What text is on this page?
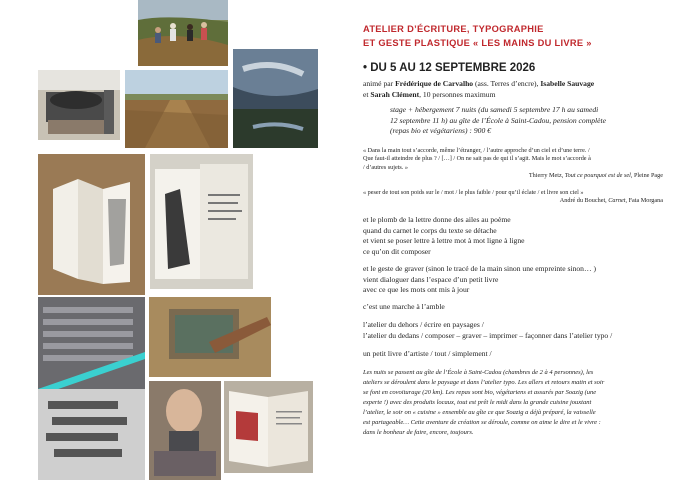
ATELIER D’ÉCRITURE, TYPOGRAPHIE
ET GESTE PLASTIQUE « LES MAINS DU LIVRE »
• DU 5 AU 12 SEPTEMBRE 2026
animé par Frédérique de Carvalho (ass. Terres d’encre), Isabelle Sauvage
et Sarah Clément, 10 personnes maximum
stage + hébergement 7 nuits (du samedi 5 septembre 17 h au samedi
12 septembre 11 h) au gîte de l’École à Saint-Cadou, pension complète
(repas bio et végétariens) : 900 €
« Dans la main tout s’accorde, même l’étranger, / l’autre approche d’un ciel et d’une terre. /
Que faut-il atteindre de plus ? / […] / On ne sait pas de qui il s’agit. Mais le mot s’accorde à
/ d’autres sujets. »
Thierry Metz, Tout ce pourquoi est de sel, Pleine Page
« peser de tout son poids sur le / mot / le plus faible / pour qu’il éclate / et livre son ciel »
André du Bouchet, Carnet, Fata Morgana
et le plomb de la lettre donne des ailes au poème
quand du carnet le corps du texte se détache
et vient se poser lettre à lettre mot à mot ligne à ligne
ce qu’on dit composer
et le geste de graver (sinon le tracé de la main sinon une empreinte sinon… )
vient dialoguer dans l’espace d’un petit livre
avec ce que les mots ont mis à jour
c’est une marche à l’amble
l’atelier du dehors / écrire en paysages /
l’atelier du dedans / composer – graver – imprimer – façonner dans l’atelier typo /
un petit livre d’artiste / tout / simplement /
Les nuits se passent au gîte de l’École à Saint-Cadou (chambres de 2 à 4 personnes), les
ateliers se déroulent dans le paysage et dans l’atelier typo. Les allers et retours matin et soir
se font en covoiturage (20 km). Les repas sont bio, végétariens et assurés par Soazig (une
experte !) avec des produits locaux, tout est prêt le midi dans la grande cuisine jouxtant
l’atelier, le soir on « cuisine » ensemble au gîte ce que Soazig a déjà préparé, la vaisselle
est partageable… Cette aventure de création se déroule, comme on aime le dire et le vivre :
dans le bonheur de faire, encore, toujours.
